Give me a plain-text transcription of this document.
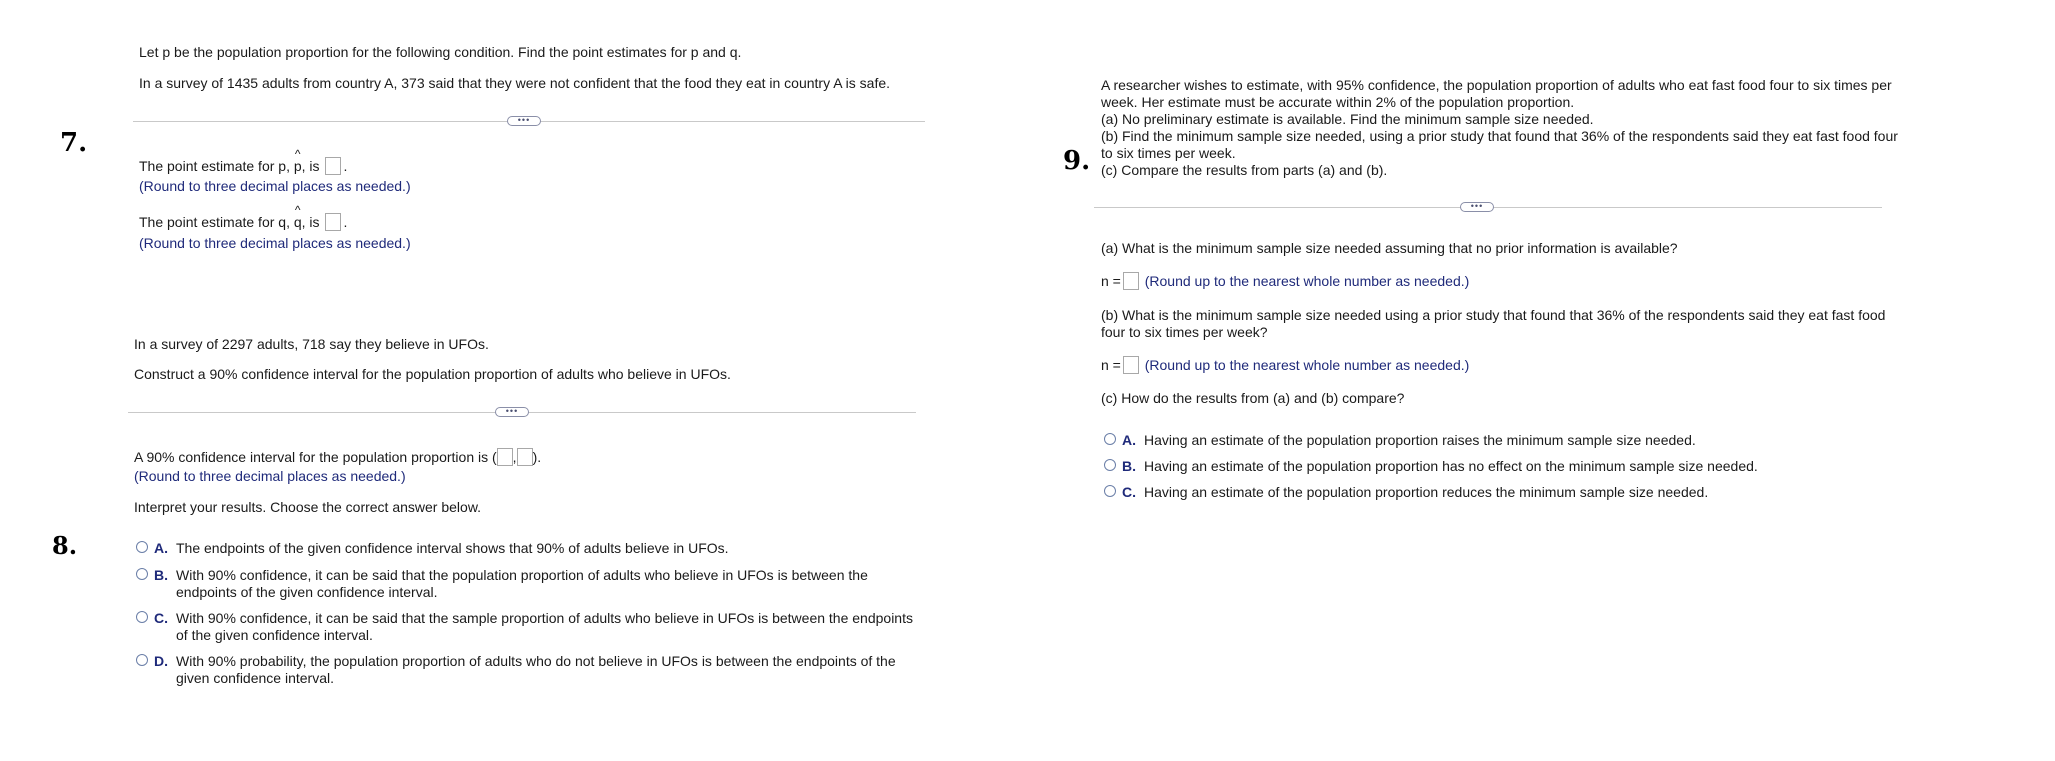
7.
Let p be the population proportion for the following condition. Find the point estimates for p and q.
In a survey of 1435 adults from country A, 373 said that they were not confident that the food they eat in country A is safe.
•••
The point estimate for p,
^
p, is .
(Round to three decimal places as needed.)
The point estimate for q,
^
q, is .
(Round to three decimal places as needed.)
8.
In a survey of 2297 adults, 718 say they believe in UFOs.
Construct a 90% confidence interval for the population proportion of adults who believe in UFOs.
•••
A 90% confidence interval for the population proportion is ( , ).
(Round to three decimal places as needed.)
Interpret your results. Choose the correct answer below.
A. The endpoints of the given confidence interval shows that 90% of adults believe in UFOs.
B. With 90% confidence, it can be said that the population proportion of adults who believe in UFOs is between the
endpoints of the given confidence interval.
C. With 90% confidence, it can be said that the sample proportion of adults who believe in UFOs is between the endpoints
of the given confidence interval.
D. With 90% probability, the population proportion of adults who do not believe in UFOs is between the endpoints of the
given confidence interval.
9.
A researcher wishes to estimate, with 95% confidence, the population proportion of adults who eat fast food four to six times per
week. Her estimate must be accurate within 2% of the population proportion.
(a) No preliminary estimate is available. Find the minimum sample size needed.
(b) Find the minimum sample size needed, using a prior study that found that 36% of the respondents said they eat fast food four
to six times per week.
(c) Compare the results from parts (a) and (b).
•••
(a) What is the minimum sample size needed assuming that no prior information is available?
n = (Round up to the nearest whole number as needed.)
(b) What is the minimum sample size needed using a prior study that found that 36% of the respondents said they eat fast food
four to six times per week?
n = (Round up to the nearest whole number as needed.)
(c) How do the results from (a) and (b) compare?
A. Having an estimate of the population proportion raises the minimum sample size needed.
B. Having an estimate of the population proportion has no effect on the minimum sample size needed.
C. Having an estimate of the population proportion reduces the minimum sample size needed.
